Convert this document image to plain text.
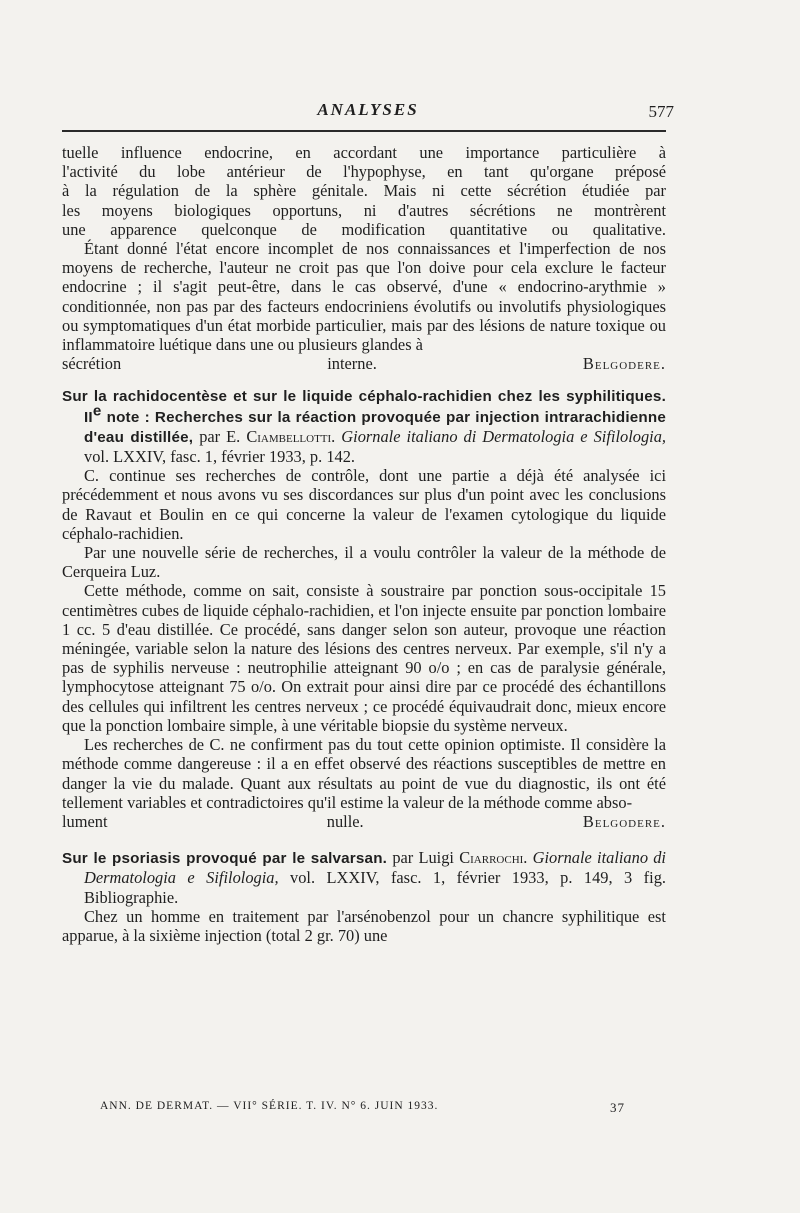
ANALYSES	577

tuelle influence endocrine, en accordant une importance particulière à

l'activité du lobe antérieur de l'hypophyse, en tant qu'organe préposé

à la régulation de la sphère génitale. Mais ni cette sécrétion étudiée par

les moyens biologiques opportuns, ni d'autres sécrétions ne montrèrent

une apparence quelconque de modification quantitative ou qualitative.

Étant donné l'état encore incomplet de nos connaissances et l'imperfection de nos moyens de recherche, l'auteur ne croit pas que l'on doive pour cela exclure le facteur endocrine ; il s'agit peut-être, dans le cas observé, d'une « endocrino-arythmie » conditionnée, non pas par des facteurs endocriniens évolutifs ou involutifs physiologiques ou symptomatiques d'un état morbide particulier, mais par des lésions de nature toxique ou inflammatoire luétique dans une ou plusieurs glandes à

sécrétion interne.	Belgodere.

Sur la rachidocentèse et sur le liquide céphalo-rachidien chez les syphilitiques. IIe note : Recherches sur la réaction provoquée par injection intrarachidienne d'eau distillée, par E. Ciambellotti. Giornale italiano di Dermatologia e Sifilologia, vol. LXXIV, fasc. 1, février 1933, p. 142.

C. continue ses recherches de contrôle, dont une partie a déjà été analysée ici précédemment et nous avons vu ses discordances sur plus d'un point avec les conclusions de Ravaut et Boulin en ce qui concerne la valeur de l'examen cytologique du liquide céphalo-rachidien.

Par une nouvelle série de recherches, il a voulu contrôler la valeur de la méthode de Cerqueira Luz.

Cette méthode, comme on sait, consiste à soustraire par ponction sous-occipitale 15 centimètres cubes de liquide céphalo-rachidien, et l'on injecte ensuite par ponction lombaire 1 cc. 5 d'eau distillée. Ce procédé, sans danger selon son auteur, provoque une réaction méningée, variable selon la nature des lésions des centres nerveux. Par exemple, s'il n'y a pas de syphilis nerveuse : neutrophilie atteignant 90 o/o ; en cas de paralysie générale, lymphocytose atteignant 75 o/o. On extrait pour ainsi dire par ce procédé des échantillons des cellules qui infiltrent les centres nerveux ; ce procédé équivaudrait donc, mieux encore que la ponction lombaire simple, à une véritable biopsie du système nerveux.

Les recherches de C. ne confirment pas du tout cette opinion optimiste. Il considère la méthode comme dangereuse : il a en effet observé des réactions susceptibles de mettre en danger la vie du malade. Quant aux résultats au point de vue du diagnostic, ils ont été tellement variables et contradictoires qu'il estime la valeur de la méthode comme abso-

lument nulle.	Belgodere.

Sur le psoriasis provoqué par le salvarsan. par Luigi Ciarrochi. Giornale italiano di Dermatologia e Sifilologia, vol. LXXIV, fasc. 1, février 1933, p. 149, 3 fig. Bibliographie.

Chez un homme en traitement par l'arsénobenzol pour un chancre syphilitique est apparue, à la sixième injection (total 2 gr. 70) une

ANN. DE DERMAT. — VII° SÉRIE. T. IV. N° 6. JUIN 1933.	37
